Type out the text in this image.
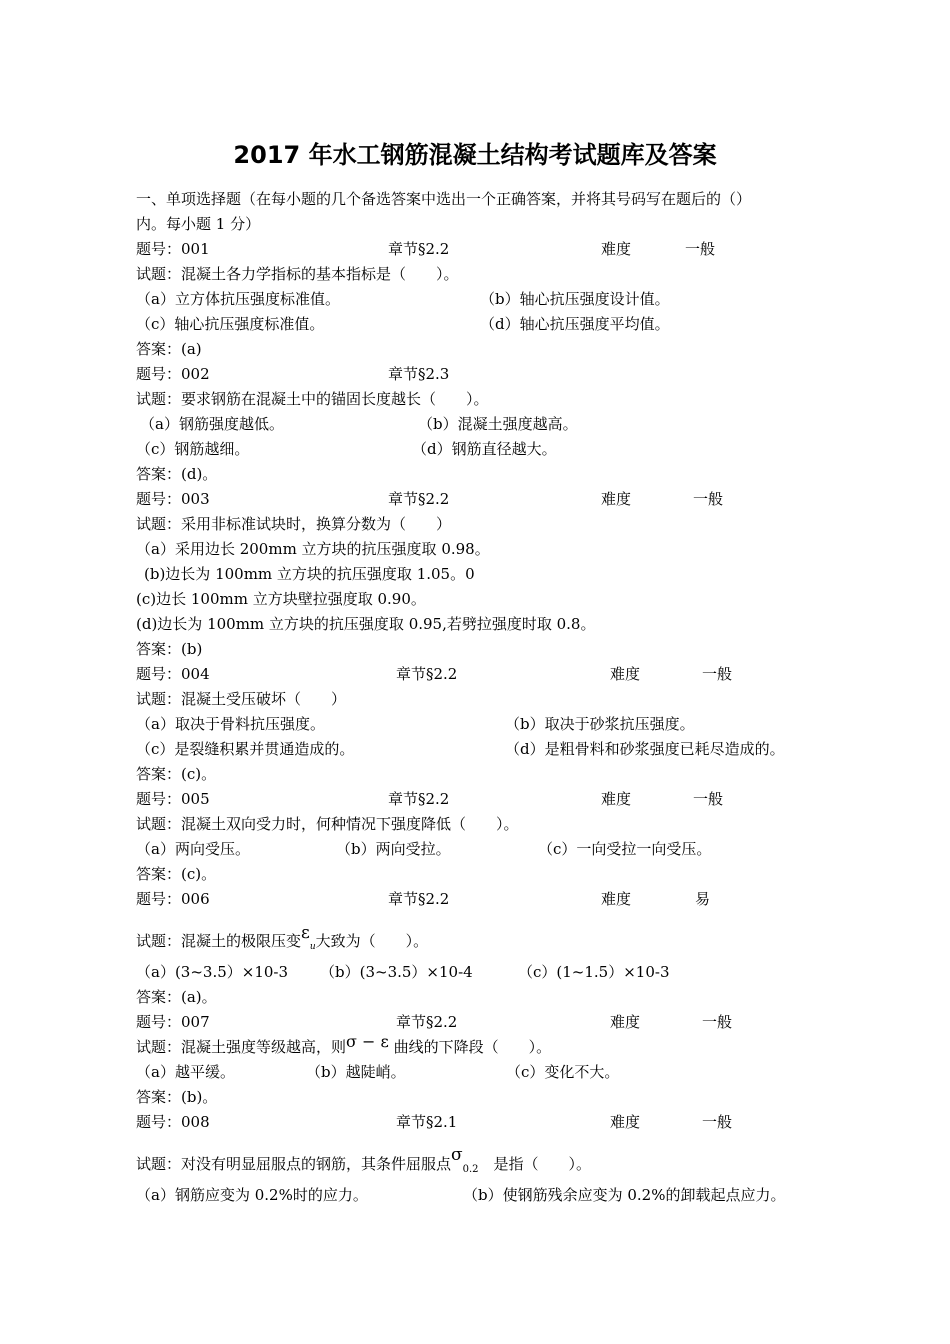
2017 年水工钢筋混凝土结构考试题库及答案
一、单项选择题（在每小题的几个备选答案中选出一个正确答案，并将其号码写在题后的（）
内。每小题 1 分）
题号：001	章节§2.2	难度	一般
试题：混凝土各力学指标的基本指标是（　　）。
（a）立方体抗压强度标准值。	（b）轴心抗压强度设计值。
（c）轴心抗压强度标准值。	（d）轴心抗压强度平均值。
答案：(a)
题号：002	章节§2.3
试题：要求钢筋在混凝土中的锚固长度越长（　　）。
（a）钢筋强度越低。	（b）混凝土强度越高。
（c）钢筋越细。	（d）钢筋直径越大。
答案：(d)。
题号：003	章节§2.2	难度	一般
试题：采用非标准试块时，换算分数为（　　）
（a）采用边长 200mm 立方块的抗压强度取 0.98。
(b)边长为 100mm 立方块的抗压强度取 1.05。0
(c)边长 100mm 立方块壁拉强度取 0.90。
(d)边长为 100mm 立方块的抗压强度取 0.95,若劈拉强度时取 0.8。
答案：(b)
题号：004	章节§2.2	难度	一般
试题：混凝土受压破坏（　　）
（a）取决于骨料抗压强度。	（b）取决于砂浆抗压强度。
（c）是裂缝积累并贯通造成的。	（d）是粗骨料和砂浆强度已耗尽造成的。
答案：(c)。
题号：005	章节§2.2	难度	一般
试题：混凝土双向受力时，何种情况下强度降低（　　）。
（a）两向受压。	（b）两向受拉。	（c）一向受拉一向受压。
答案：(c)。
题号：006	章节§2.2	难度	易
试题：混凝土的极限压变$\varepsilon_u$大致为（　　）。
（a）(3~3.5）×10-3 （b）(3~3.5）×10-4	（c）(1~1.5）×10-3
答案：(a)。
题号：007	章节§2.2	难度	一般
试题：混凝土强度等级越高，则σ − ε 曲线的下降段（　　）。
（a）越平缓。	（b）越陡峭。	（c）变化不大。
答案：(b)。
题号：008	章节§2.1	难度	一般
试题：对没有明显屈服点的钢筋，其条件屈服点$\sigma_{0.2}$　是指（　　）。
（a）钢筋应变为 0.2%时的应力。	（b）使钢筋残余应变为 0.2%的卸载起点应力。
